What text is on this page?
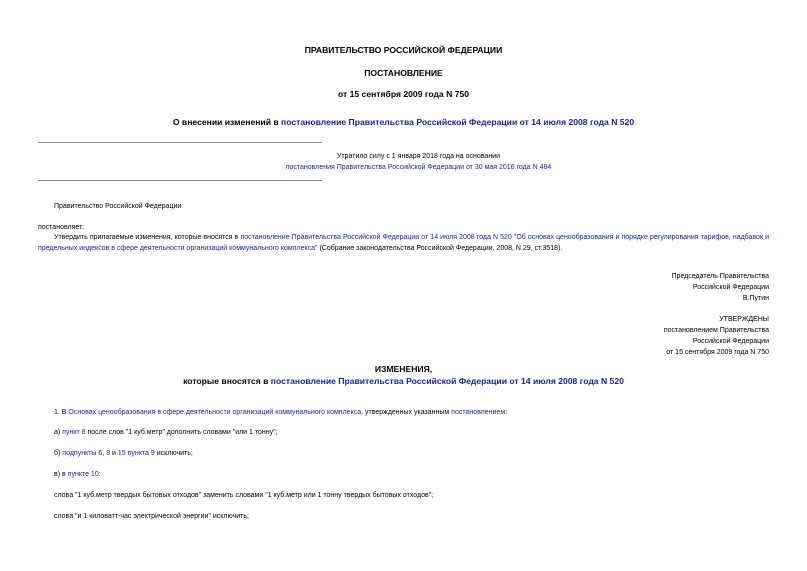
ПРАВИТЕЛЬСТВО РОССИЙСКОЙ ФЕДЕРАЦИИ
ПОСТАНОВЛЕНИЕ
от 15 сентября 2009 года N 750
О внесении изменений в постановление Правительства Российской Федерации от 14 июля 2008 года N 520
Утратило силу с 1 января 2018 года на основании
постановления Правительства Российской Федерации от 30 мая 2016 года N 484
Правительство Российской Федерации
постановляет:
Утвердить прилагаемые изменения, которые вносятся в постановление Правительства Российской Федерации от 14 июля 2008 года N 520 "Об основах ценообразования и порядке регулирования тарифов, надбавок и предельных индексов в сфере деятельности организаций коммунального комплекса" (Собрание законодательства Российской Федерации, 2008, N 29, ст.3518).
Председатель Правительства
Российской Федерации
В.Путин
УТВЕРЖДЕНЫ
постановлением Правительства
Российской Федерации
от 15 сентября 2009 года N 750
ИЗМЕНЕНИЯ,
которые вносятся в постановление Правительства Российской Федерации от 14 июля 2008 года N 520
1. В Основах ценообразования в сфере деятельности организаций коммунального комплекса, утвержденных указанным постановлением:
а) пункт 8 после слов "1 куб.метр" дополнить словами "или 1 тонну";
б) подпункты 6, 8 и 15 пункта 9 исключить;
в) в пункте 10:
слова "1 куб.метр твердых бытовых отходов" заменить словами "1 куб.метр или 1 тонну твердых бытовых отходов";
слова "и 1 киловатт-час электрической энергии" исключить;
